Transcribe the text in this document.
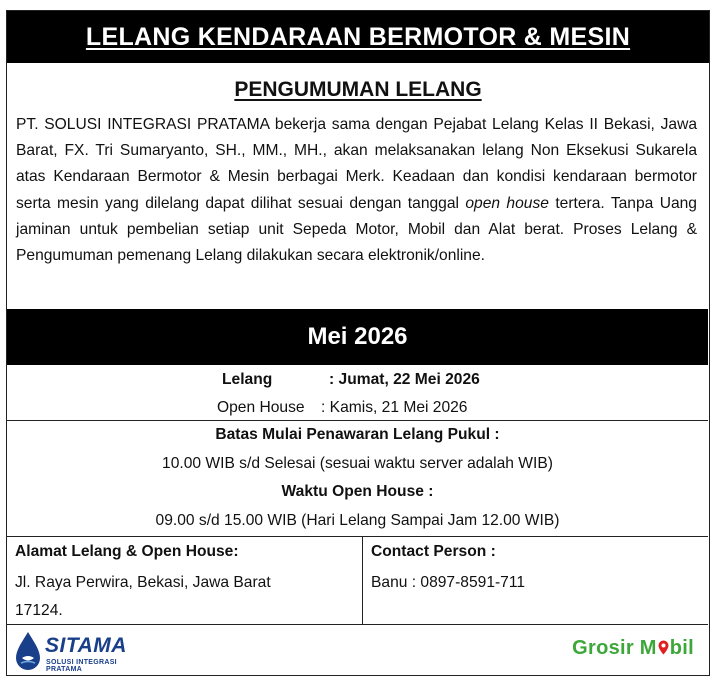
LELANG KENDARAAN BERMOTOR & MESIN
PENGUMUMAN LELANG

PT. SOLUSI INTEGRASI PRATAMA bekerja sama dengan Pejabat Lelang Kelas II Bekasi, Jawa Barat, FX. Tri Sumaryanto, SH., MM., MH., akan melaksanakan lelang Non Eksekusi Sukarela atas Kendaraan Bermotor & Mesin berbagai Merk. Keadaan dan kondisi kendaraan bermotor serta mesin yang dilelang dapat dilihat sesuai dengan tanggal open house tertera. Tanpa Uang jaminan untuk pembelian setiap unit Sepeda Motor, Mobil dan Alat berat. Proses Lelang & Pengumuman pemenang Lelang dilakukan secara elektronik/online.

Mei 2026
Lelang	: Jumat, 22 Mei 2026
Open House : Kamis, 21 Mei 2026
Batas Mulai Penawaran Lelang Pukul :
10.00 WIB s/d Selesai (sesuai waktu server adalah WIB)
Waktu Open House :
09.00 s/d 15.00 WIB (Hari Lelang Sampai Jam 12.00 WIB)
Alamat Lelang & Open House:
Jl. Raya Perwira, Bekasi, Jawa Barat
17124.
Contact Person :
Banu : 0897-8591-711
SITAMA
SOLUSI INTEGRASI PRATAMA
Grosir M bil
